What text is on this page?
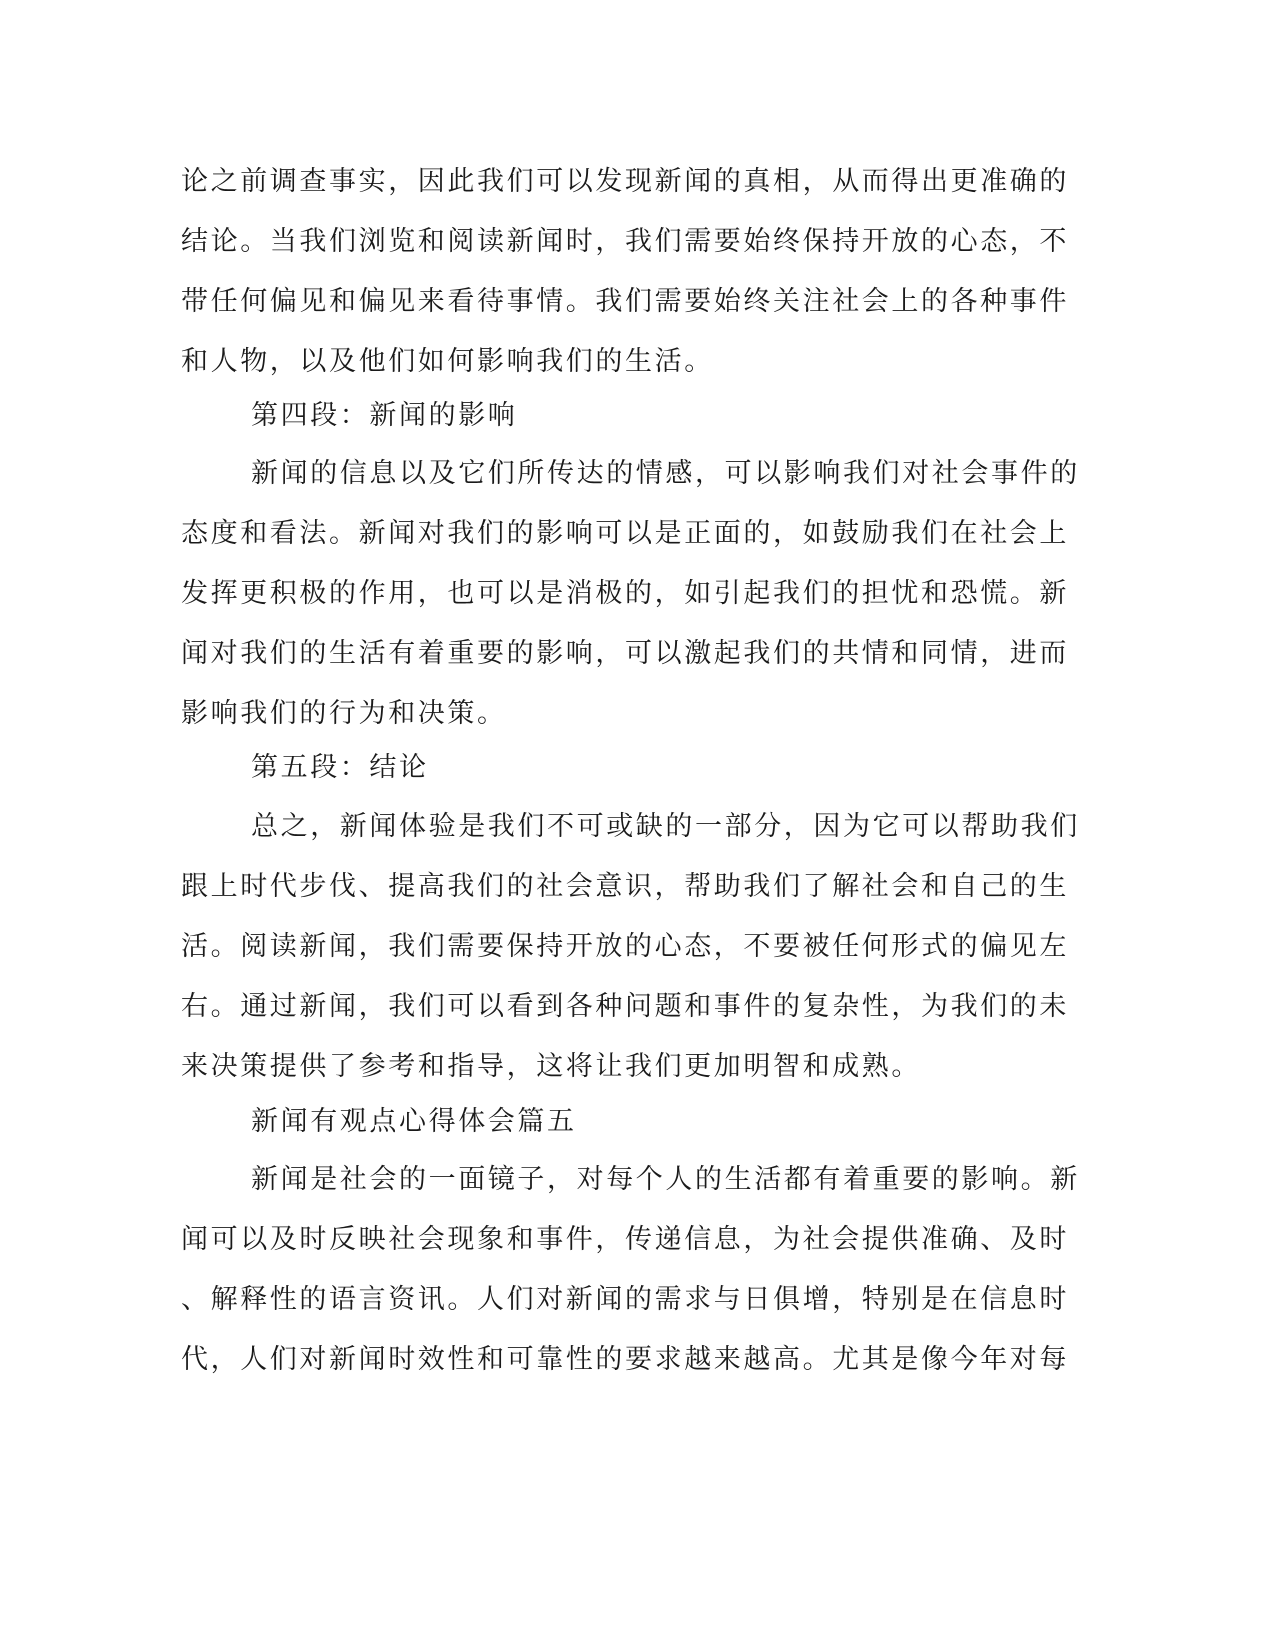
论之前调查事实，因此我们可以发现新闻的真相，从而得出更准确的
结论。当我们浏览和阅读新闻时，我们需要始终保持开放的心态，不
带任何偏见和偏见来看待事情。我们需要始终关注社会上的各种事件
和人物，以及他们如何影响我们的生活。
第四段：新闻的影响
新闻的信息以及它们所传达的情感，可以影响我们对社会事件的
态度和看法。新闻对我们的影响可以是正面的，如鼓励我们在社会上
发挥更积极的作用，也可以是消极的，如引起我们的担忧和恐慌。新
闻对我们的生活有着重要的影响，可以激起我们的共情和同情，进而
影响我们的行为和决策。
第五段：结论
总之，新闻体验是我们不可或缺的一部分，因为它可以帮助我们
跟上时代步伐、提高我们的社会意识，帮助我们了解社会和自己的生
活。阅读新闻，我们需要保持开放的心态，不要被任何形式的偏见左
右。通过新闻，我们可以看到各种问题和事件的复杂性，为我们的未
来决策提供了参考和指导，这将让我们更加明智和成熟。
新闻有观点心得体会篇五
新闻是社会的一面镜子，对每个人的生活都有着重要的影响。新
闻可以及时反映社会现象和事件，传递信息，为社会提供准确、及时
、解释性的语言资讯。人们对新闻的需求与日俱增，特别是在信息时
代，人们对新闻时效性和可靠性的要求越来越高。尤其是像今年对每
